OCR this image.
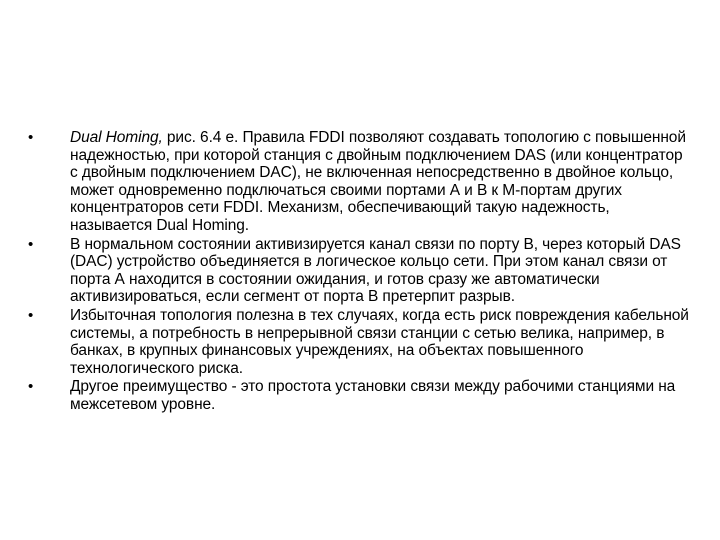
•	Dual Homing, рис. 6.4 е. Правила FDDI позволяют создавать топологию с повышенной надежностью, при которой станция с двойным подключением DAS (или концентратор с двойным подключением DAC), не включенная непосредственно в двойное кольцо, может одновременно подключаться своими портами А и В к М-портам других концентраторов сети FDDI. Механизм, обеспечивающий такую надежность, называется Dual Homing.
•	В нормальном состоянии активизируется канал связи по порту В, через который DAS (DAC) устройство объединяется в логическое кольцо сети. При этом канал связи от порта А находится в состоянии ожидания, и готов сразу же автоматически активизироваться, если сегмент от порта В претерпит разрыв.
•	Избыточная топология полезна в тех случаях, когда есть риск повреждения кабельной системы, а потребность в непрерывной связи станции с сетью велика, например, в банках, в крупных финансовых учреждениях, на объектах повышенного технологического риска.
•	Другое преимущество - это простота установки связи между рабочими станциями на межсетевом уровне.
